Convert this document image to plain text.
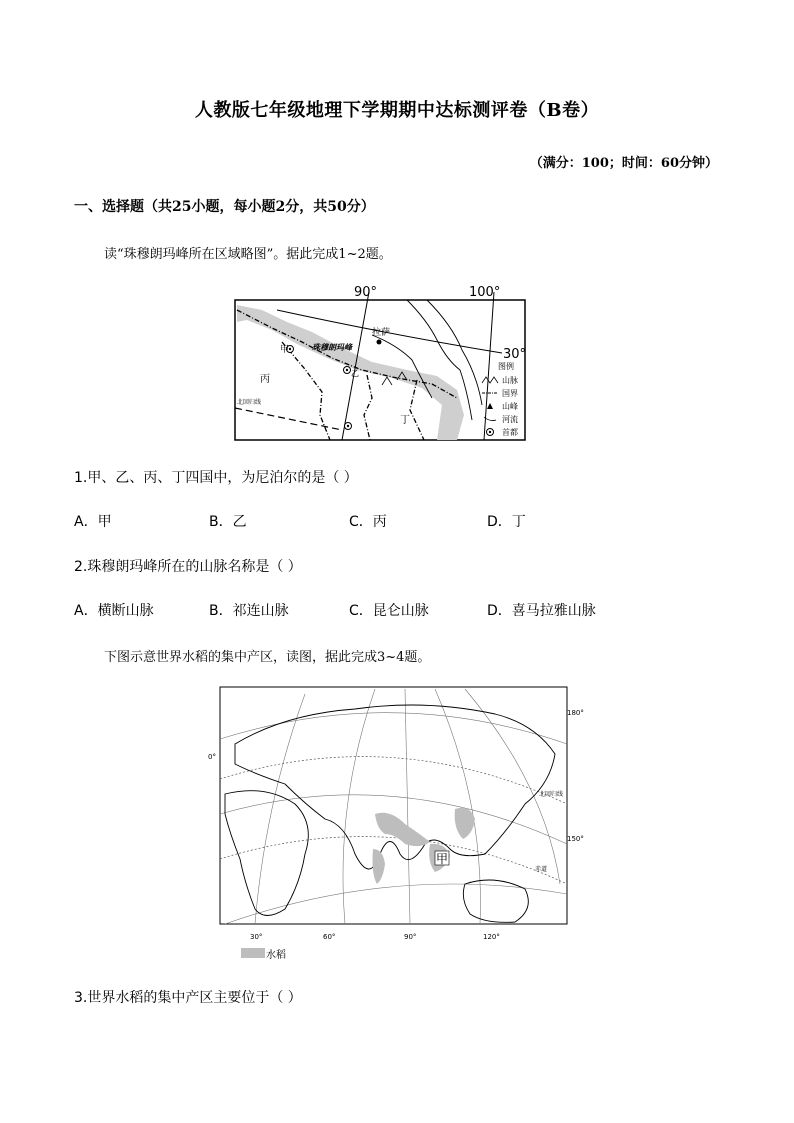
人教版七年级地理下学期期中达标测评卷（B卷）
（满分：100；时间：60分钟）
一、选择题（共25小题，每小题2分，共50分）
读“珠穆朗玛峰所在区域略图”。据此完成1~2题。
90°	100°
30°
拉萨
珠穆朗玛峰
甲
乙
丙
丁
北回归线
图例
山脉
国界
山峰
河流
首都
1.甲、乙、丙、丁四国中，为尼泊尔的是（ ）
A．甲	B．乙	C．丙	D．丁
2.珠穆朗玛峰所在的山脉名称是（ ）
A．横断山脉	B．祁连山脉	C．昆仑山脉	D．喜马拉雅山脉
下图示意世界水稻的集中产区，读图，据此完成3~4题。
甲
0°
180°
150°
北回归线
赤道
30°	60°	90°	120°
水稻
3.世界水稻的集中产区主要位于（ ）
